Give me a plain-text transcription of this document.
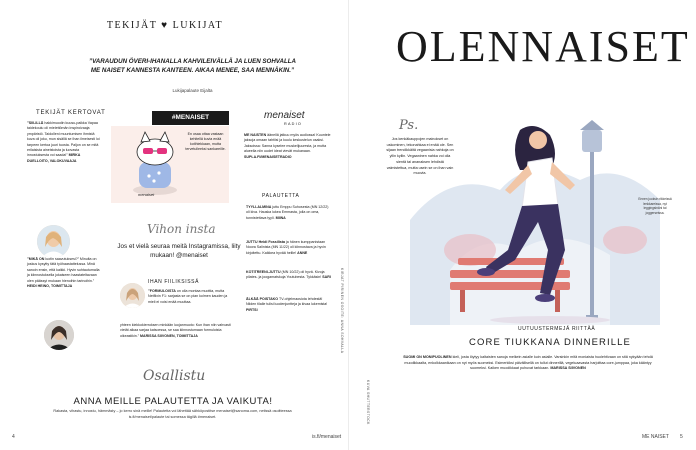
TEKIJÄT ♥ LUKIJAT
”VARAUDUN ÖVERI-IHANALLA KAHVILEIVÄLLÄ JA LUEN SOHVALLA ME NAISET KANNESTA KANTEEN. AIKAA MENEE, SAA MENNÄKIN.”
Lukijapalaute Eijalta
TEKIJÄT KERTOVAT
”SIILILLÄ hakkimuodin kuusu-paikka Vapaa taidekoulu oli mielettömän inspiroivaaja ympäristö. Taidolleni muuntumisen ihmistä kuva oli joku, mun sisällä se ihan ilmeisesti loi tarpeen kertoa juuri tuosta. Paljon on se mitä erilaisista aineistoista ja luovasta innostuksesta voi saada!” MIRKA DUELLOITO, VALOKUVAAJA
”MIKÄ ON luotin saavutuksesi?” Minulta on joskus kysytty tätä työhaastattelussa. Minä sanoin ensin, että kaikki. Hyvin suhtautumalla ja kiinnostuksella jokaiseen haastateltavaan olen päässyt mukaan hienoihin tarinoihin.” HEIDI HEINO, TOIMITTAJA
#MENAISET
En osaa ottaa vastaan kehitellä kuvia enää kotihiekkaan, mutta tervetulleeksi sankareille.
menaiset
Vihon insta
Jos et vielä seuraa meitä Instagramissa, liity mukaan! @menaiset
IHAN FIILIKSISSÄ
”FORMULOISTA on olla montaa muottia, mutta Netflixin F1: sarjasta se on pian kolmen kauden ja mieli ei voisi enää muuttaa.
yhteen kiekkokierroksen minkään luojanmuoto: Kun ihan niin vahvasti vietät aikaa sarjaa katsoessa, se saa kiinnostumaan formuloista oikeastikin.” MARISSA SIIVONEN, TOIMITTAJA
menaiset
RADIO
ME NAISTEN äänellä jatkuu myös audiossa! Kuuntele jaksoja omaan tahtiisi ja kuulu keskustelun osaksi. Jaksoissa: Sanna kyselee muskelijuuresta, ja mutta alueella niin uudet ideat vievät mukanaan. SUPLA.FI/MENAISETRADIO
PALAUTETTA
TYYLI-ALMINA juttu Emppu Suhosesta (MN 12/22) oli kiva. Hauska lukea Emmasta, jolla on oma, tunnistettava tyyli. MIINA
JUTTU Heidi Fossilista ja hänen kumppanistaan Noora Salinista (MN 11/22) oli kiinnostava ja hyvin kirjoitettu. Kaikkea hyvää heille! ANNE
KOTITREENI-JUTTU (MN 10/22) oli hyvä. Kivoja pilates- ja joogamatskuja Youtubesta. Tykkäsin! SARI
ÄLKÄÄ POISTAKO TV-ohjelmaosiota lehdestä! Niiden tilalle tulisi luodenjuntteja ja kivaa lukemista! PIRTSI	KIRJAT PIRINEN OSOITE: ANNA SOHVALLA
Osallistu
ANNA MEILLE PALAUTETTA JA VAIKUTA!
Rakasta, vihastu, innostu, hämmästy – jo kerro sinä meille! Palautetta voi lähettää sähköpostitse menaiset@sanoma.com, netissä osoitteessa is.fi/menaiset/palaute tai somessa tägillä #menaiset.
4	is.fi/menaiset
OLENNAISET
Ps.
Jos kenkäkauppojen mainokset on uskominen, tekonahkaa ei enää ole. Sen sijaan trendikkäitä vegaanisia nahkoja on yllin kyllin. Vegaaninen nahka voi olla sientä tai ananaksen lehdistä valmistettua, mutta usein se on ihan vain muovia.
Ennen juoksin rikkeissä lenkkareissa, nyt leggingsinäni tai joggerseissa.
UUTUUSTERMEJÄ RIITTÄÄ
CORE TIUKKANA DINNERILLE
SUOMI ON MONIPUOLINEN kieli, josta löytyy kaltaisten sanoja melkein asialle kuin asialle. Varsinkin mitä moniaista huolehtivaan on sitä nykyään tehdä muodikkaalta, enkolkkaanikaan on nyt myös suomeksi. Esimerkiksi päivällisellä on tullut dinnerillä, vegeluaavasta harjoittaa core-jumppaa, joka kääntyy suomeksi. Kaiken muodikkaat puhuvat tarkkaan. MARISSA SIIVONEN
KUVA SHUTTERSTOCK
ME NAISET 5
